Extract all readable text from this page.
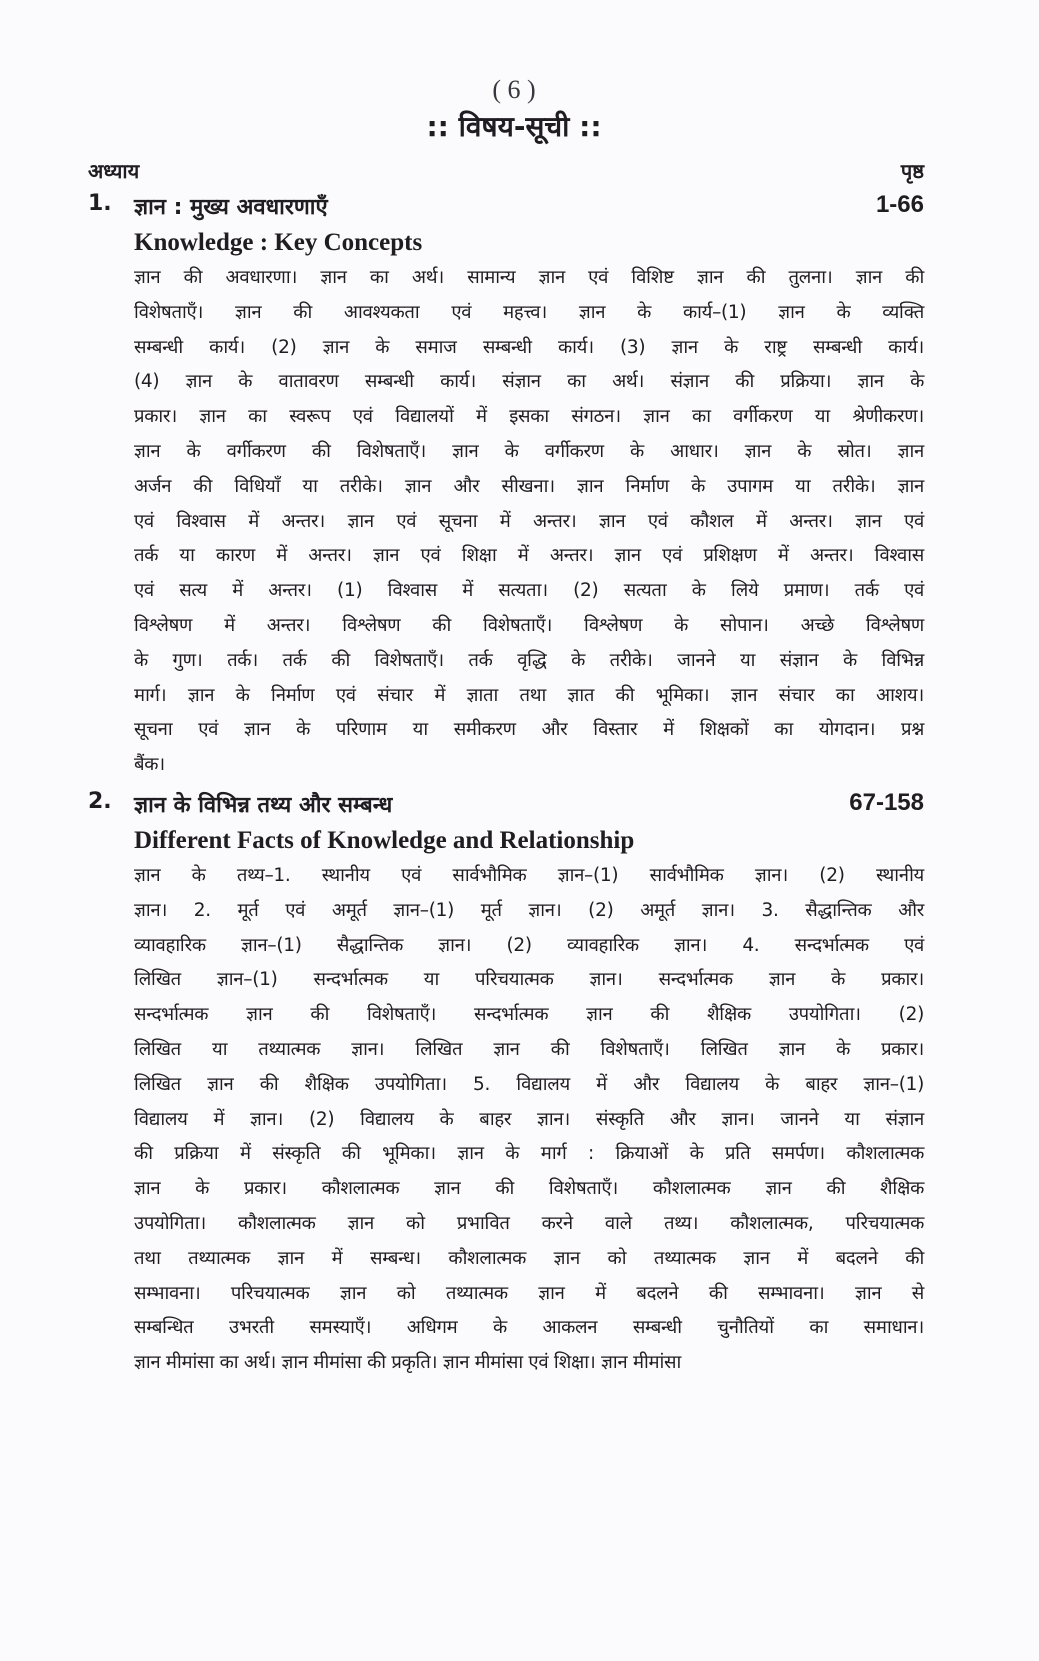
( 6 )
:: विषय-सूची ::
अध्याय	पृष्ठ
1. ज्ञान : मुख्य अवधारणाएँ	1-66
Knowledge : Key Concepts
ज्ञान की अवधारणा। ज्ञान का अर्थ। सामान्य ज्ञान एवं विशिष्ट ज्ञान की तुलना। ज्ञान की
विशेषताएँ। ज्ञान की आवश्यकता एवं महत्त्व। ज्ञान के कार्य–(1) ज्ञान के व्यक्ति
सम्बन्धी कार्य। (2) ज्ञान के समाज सम्बन्धी कार्य। (3) ज्ञान के राष्ट्र सम्बन्धी कार्य।
(4) ज्ञान के वातावरण सम्बन्धी कार्य। संज्ञान का अर्थ। संज्ञान की प्रक्रिया। ज्ञान के
प्रकार। ज्ञान का स्वरूप एवं विद्यालयों में इसका संगठन। ज्ञान का वर्गीकरण या श्रेणीकरण।
ज्ञान के वर्गीकरण की विशेषताएँ। ज्ञान के वर्गीकरण के आधार। ज्ञान के स्रोत। ज्ञान
अर्जन की विधियाँ या तरीके। ज्ञान और सीखना। ज्ञान निर्माण के उपागम या तरीके। ज्ञान
एवं विश्वास में अन्तर। ज्ञान एवं सूचना में अन्तर। ज्ञान एवं कौशल में अन्तर। ज्ञान एवं
तर्क या कारण में अन्तर। ज्ञान एवं शिक्षा में अन्तर। ज्ञान एवं प्रशिक्षण में अन्तर। विश्वास
एवं सत्य में अन्तर। (1) विश्वास में सत्यता। (2) सत्यता के लिये प्रमाण। तर्क एवं
विश्लेषण में अन्तर। विश्लेषण की विशेषताएँ। विश्लेषण के सोपान। अच्छे विश्लेषण
के गुण। तर्क। तर्क की विशेषताएँ। तर्क वृद्धि के तरीके। जानने या संज्ञान के विभिन्न
मार्ग। ज्ञान के निर्माण एवं संचार में ज्ञाता तथा ज्ञात की भूमिका। ज्ञान संचार का आशय।
सूचना एवं ज्ञान के परिणाम या समीकरण और विस्तार में शिक्षकों का योगदान। प्रश्न
बैंक।
2. ज्ञान के विभिन्न तथ्य और सम्बन्ध	67-158
Different Facts of Knowledge and Relationship
ज्ञान के तथ्य–1. स्थानीय एवं सार्वभौमिक ज्ञान–(1) सार्वभौमिक ज्ञान। (2) स्थानीय
ज्ञान। 2. मूर्त एवं अमूर्त ज्ञान–(1) मूर्त ज्ञान। (2) अमूर्त ज्ञान। 3. सैद्धान्तिक और
व्यावहारिक ज्ञान–(1) सैद्धान्तिक ज्ञान। (2) व्यावहारिक ज्ञान। 4. सन्दर्भात्मक एवं
लिखित ज्ञान–(1) सन्दर्भात्मक या परिचयात्मक ज्ञान। सन्दर्भात्मक ज्ञान के प्रकार।
सन्दर्भात्मक ज्ञान की विशेषताएँ। सन्दर्भात्मक ज्ञान की शैक्षिक उपयोगिता। (2)
लिखित या तथ्यात्मक ज्ञान। लिखित ज्ञान की विशेषताएँ। लिखित ज्ञान के प्रकार।
लिखित ज्ञान की शैक्षिक उपयोगिता। 5. विद्यालय में और विद्यालय के बाहर ज्ञान–(1)
विद्यालय में ज्ञान। (2) विद्यालय के बाहर ज्ञान। संस्कृति और ज्ञान। जानने या संज्ञान
की प्रक्रिया में संस्कृति की भूमिका। ज्ञान के मार्ग : क्रियाओं के प्रति समर्पण। कौशलात्मक
ज्ञान के प्रकार। कौशलात्मक ज्ञान की विशेषताएँ। कौशलात्मक ज्ञान की शैक्षिक
उपयोगिता। कौशलात्मक ज्ञान को प्रभावित करने वाले तथ्य। कौशलात्मक, परिचयात्मक
तथा तथ्यात्मक ज्ञान में सम्बन्ध। कौशलात्मक ज्ञान को तथ्यात्मक ज्ञान में बदलने की
सम्भावना। परिचयात्मक ज्ञान को तथ्यात्मक ज्ञान में बदलने की सम्भावना। ज्ञान से
सम्बन्धित उभरती समस्याएँ। अधिगम के आकलन सम्बन्धी चुनौतियों का समाधान।
ज्ञान मीमांसा का अर्थ। ज्ञान मीमांसा की प्रकृति। ज्ञान मीमांसा एवं शिक्षा। ज्ञान मीमांसा
